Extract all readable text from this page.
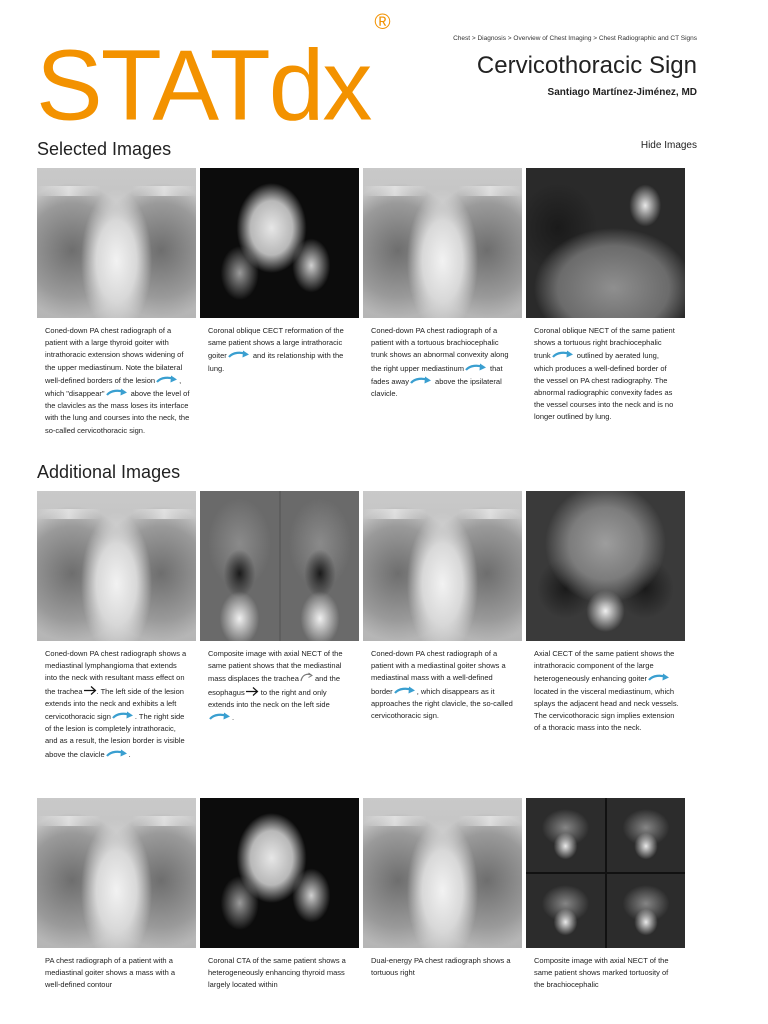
STATdx®
Chest > Diagnosis > Overview of Chest Imaging > Chest Radiographic and CT Signs
Cervicothoracic Sign
Santiago Martínez-Jiménez, MD
Selected Images	Hide Images
Coned-down PA chest radiograph of a patient with a large thyroid goiter with intrathoracic extension shows widening of the upper mediastinum. Note the bilateral well-defined borders of the lesion	, which "disappear"	above the level of the clavicles as the mass loses its interface with the lung and courses into the neck, the so-called cervicothoracic sign.
Coronal oblique CECT reformation of the same patient shows a large intrathoracic goiter	and its relationship with the lung.
Coned-down PA chest radiograph of a patient with a tortuous brachiocephalic trunk shows an abnormal convexity along the right upper mediastinum	that fades away	above the ipsilateral clavicle.
Coronal oblique NECT of the same patient shows a tortuous right brachiocephalic trunk	outlined by aerated lung, which produces a well-defined border of the vessel on PA chest radiography. The abnormal radiographic convexity fades as the vessel courses into the neck and is no longer outlined by lung.
Additional Images
Coned-down PA chest radiograph shows a mediastinal lymphangioma that extends into the neck with resultant mass effect on the trachea . The left side of the lesion extends into the neck and exhibits a left cervicothoracic sign	. The right side of the lesion is completely intrathoracic, and as a result, the lesion border is visible above the clavicle	.
Composite image with axial NECT of the same patient shows that the mediastinal mass displaces the trachea and the esophagus to the right and only extends into the neck on the left side.
Coned-down PA chest radiograph of a patient with a mediastinal goiter shows a mediastinal mass with a well-defined border	, which disappears as it approaches the right clavicle, the so-called cervicothoracic sign.
Axial CECT of the same patient shows the intrathoracic component of the large heterogeneously enhancing goiter located in the visceral mediastinum, which splays the adjacent head and neck vessels. The cervicothoracic sign implies extension of a thoracic mass into the neck.
PA chest radiograph of a patient with a mediastinal goiter shows a mass with a well-defined contour
Coronal CTA of the same patient shows a heterogeneously enhancing thyroid mass largely located within
Dual-energy PA chest radiograph shows a tortuous right
Composite image with axial NECT of the same patient shows marked tortuosity of the brachiocephalic
